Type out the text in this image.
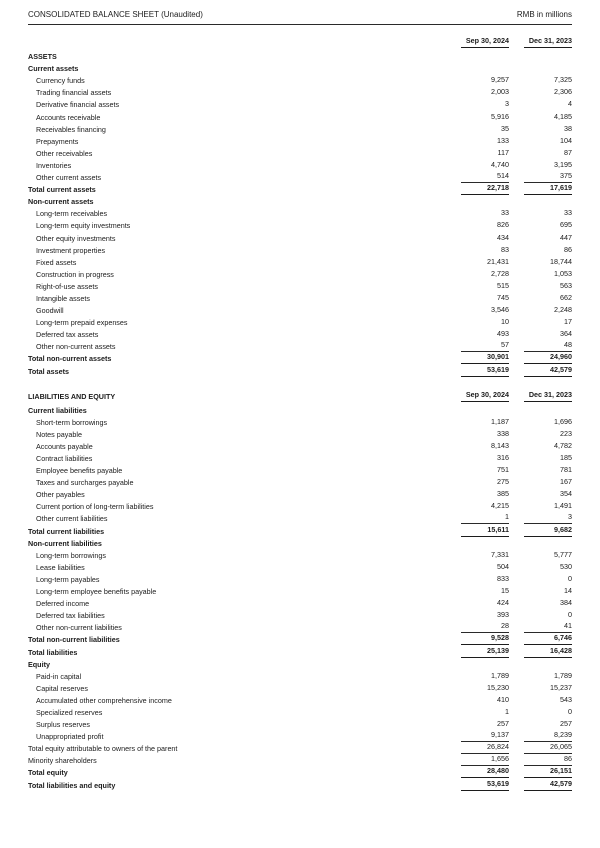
CONSOLIDATED BALANCE SHEET (Unaudited)	RMB in millions
Sep 30, 2024	Dec 31, 2023
ASSETS
Current assets
Currency funds	9,257	7,325
Trading financial assets	2,003	2,306
Derivative financial assets	3	4
Accounts receivable	5,916	4,185
Receivables financing	35	38
Prepayments	133	104
Other receivables	117	87
Inventories	4,740	3,195
Other current assets	514	375
Total current assets	22,718	17,619
Non-current assets
Long-term receivables	33	33
Long-term equity investments	826	695
Other equity investments	434	447
Investment properties	83	86
Fixed assets	21,431	18,744
Construction in progress	2,728	1,053
Right-of-use assets	515	563
Intangible assets	745	662
Goodwill	3,546	2,248
Long-term prepaid expenses	10	17
Deferred tax assets	493	364
Other non-current assets	57	48
Total non-current assets	30,901	24,960
Total assets	53,619	42,579
LIABILITIES AND EQUITY	Sep 30, 2024	Dec 31, 2023
Current liabilities
Short-term borrowings	1,187	1,696
Notes payable	338	223
Accounts payable	8,143	4,782
Contract liabilities	316	185
Employee benefits payable	751	781
Taxes and surcharges payable	275	167
Other payables	385	354
Current portion of long-term liabilities	4,215	1,491
Other current liabilities	1	3
Total current liabilities	15,611	9,682
Non-current liabilities
Long-term borrowings	7,331	5,777
Lease liabilities	504	530
Long-term payables	833	0
Long-term employee benefits payable	15	14
Deferred income	424	384
Deferred tax liabilities	393	0
Other non-current liabilities	28	41
Total non-current liabilities	9,528	6,746
Total liabilities	25,139	16,428
Equity
Paid-in capital	1,789	1,789
Capital reserves	15,230	15,237
Accumulated other comprehensive income	410	543
Specialized reserves	1	0
Surplus reserves	257	257
Unappropriated profit	9,137	8,239
Total equity attributable to owners of the parent	26,824	26,065
Minority shareholders	1,656	86
Total equity	28,480	26,151
Total liabilities and equity	53,619	42,579
